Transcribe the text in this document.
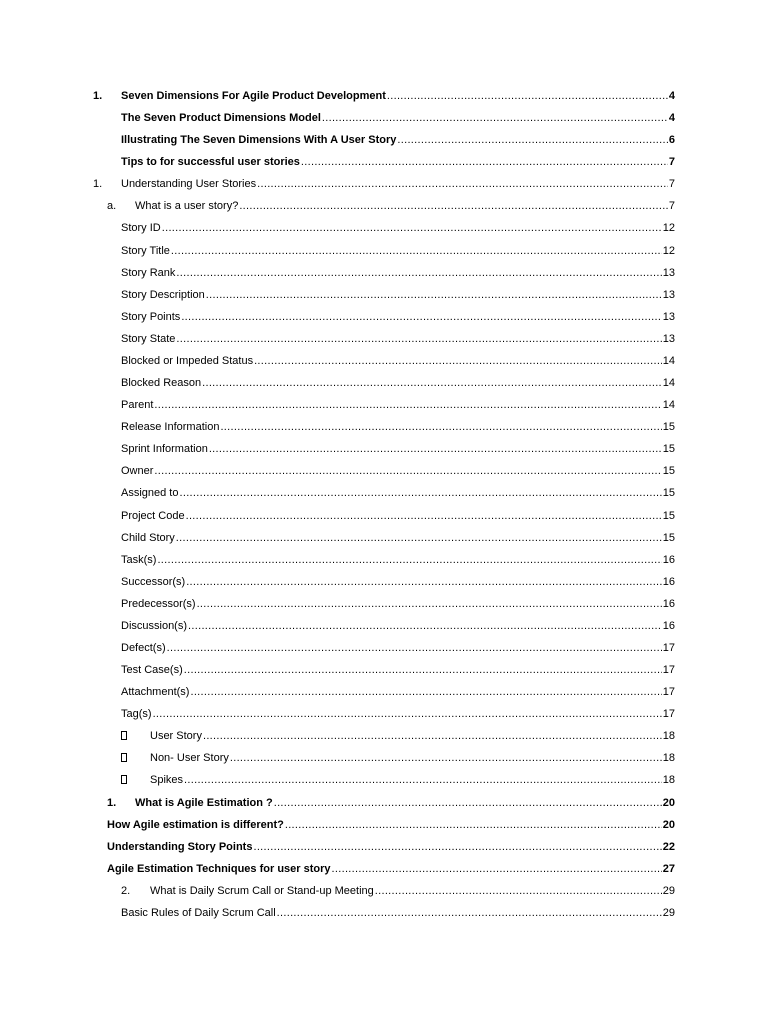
1. Seven Dimensions For Agile Product Development .....	4
The Seven Product Dimensions Model .....	4
Illustrating The Seven Dimensions With A User Story .....	6
Tips to for successful user stories .....	7
1. Understanding User Stories .....	7
a. What is a user story? .....	7
Story ID .....	12
Story Title .....	12
Story Rank .....	13
Story Description .....	13
Story Points .....	13
Story State .....	13
Blocked or Impeded Status .....	14
Blocked Reason .....	14
Parent .....	14
Release Information .....	15
Sprint Information .....	15
Owner .....	15
Assigned to .....	15
Project Code .....	15
Child Story .....	15
Task(s) .....	16
Successor(s) .....	16
Predecessor(s) .....	16
Discussion(s) .....	16
Defect(s) .....	17
Test Case(s) .....	17
Attachment(s) .....	17
Tag(s) .....	17
User Story .....	18
Non- User Story .....	18
Spikes .....	18
1. What is Agile Estimation ? .....	20
How Agile estimation is different? .....	20
Understanding Story Points .....	22
Agile Estimation Techniques for user story .....	27
2. What is Daily Scrum Call or Stand-up Meeting .....	29
Basic Rules of Daily Scrum Call .....	29
